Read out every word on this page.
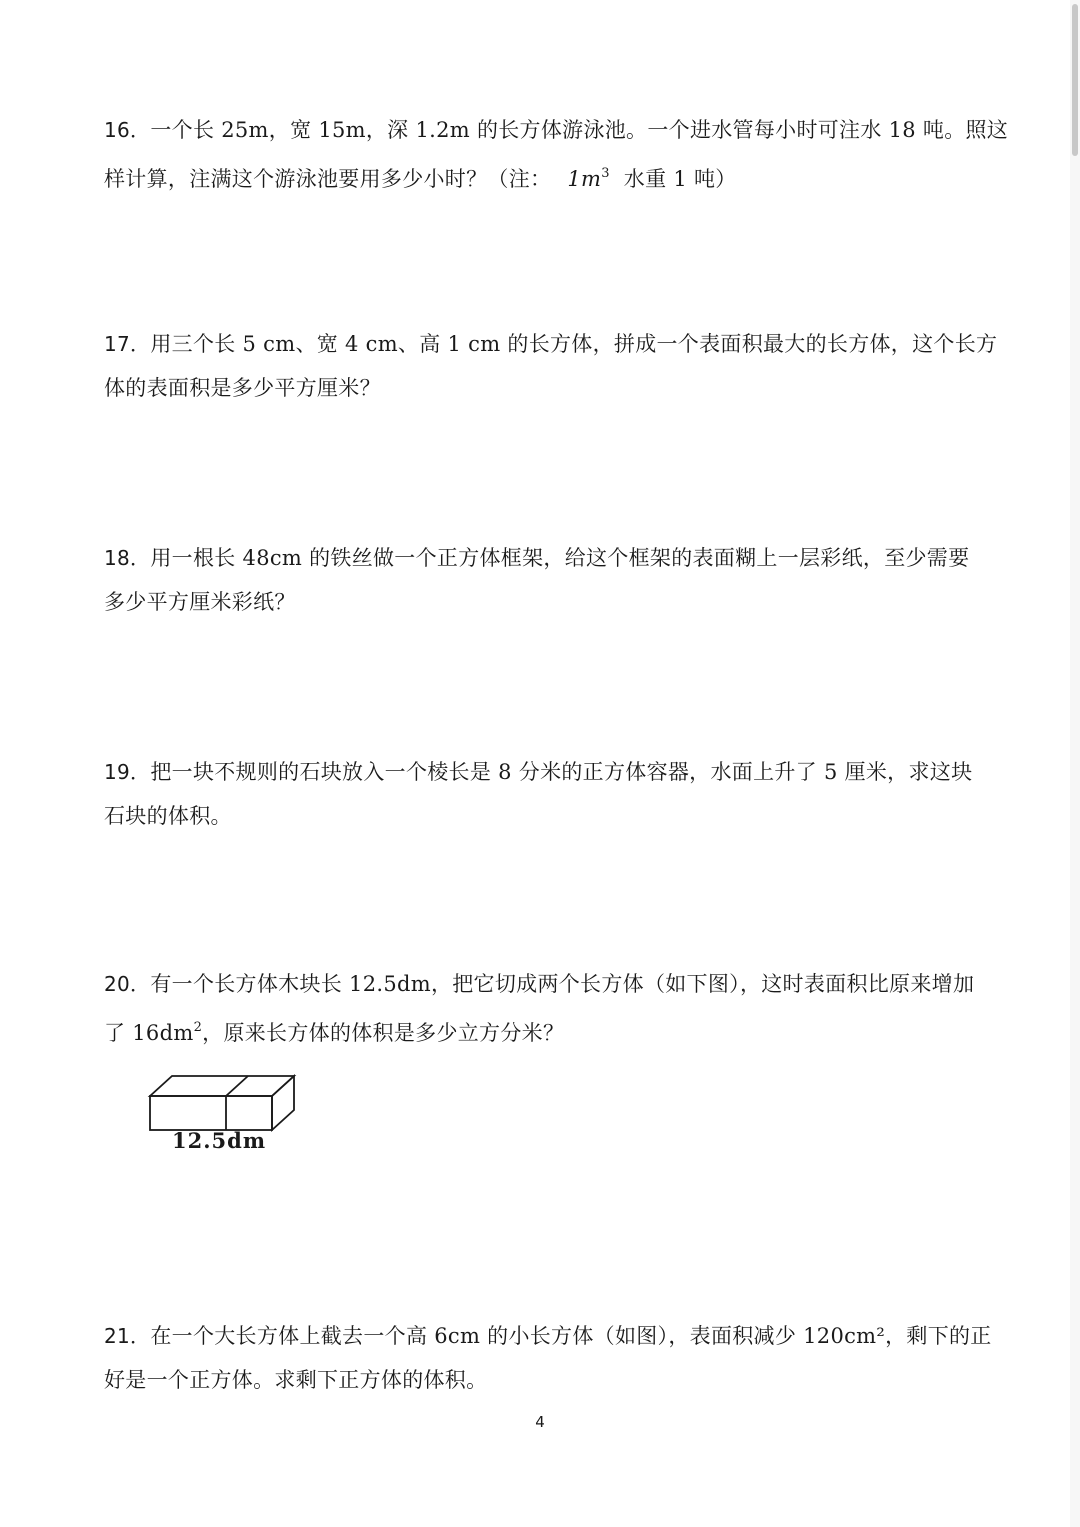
16．一个长 25m，宽 15m，深 1.2m 的长方体游泳池。一个进水管每小时可注水 18 吨。照这

样计算，注满这个游泳池要用多少小时？（注： $1m^3$ 水重 1 吨）

17．用三个长 5 cm、宽 4 cm、高 1 cm 的长方体，拼成一个表面积最大的长方体，这个长方

体的表面积是多少平方厘米？

18．用一根长 48cm 的铁丝做一个正方体框架，给这个框架的表面糊上一层彩纸，至少需要

多少平方厘米彩纸？

19．把一块不规则的石块放入一个棱长是 8 分米的正方体容器，水面上升了 5 厘米，求这块

石块的体积。

20．有一个长方体木块长 12.5dm，把它切成两个长方体（如下图），这时表面积比原来增加

了 $16dm^2$，原来长方体的体积是多少立方分米？

12.5dm

21．在一个大长方体上截去一个高 6cm 的小长方体（如图），表面积减少 120cm²，剩下的正

好是一个正方体。求剩下正方体的体积。

4
